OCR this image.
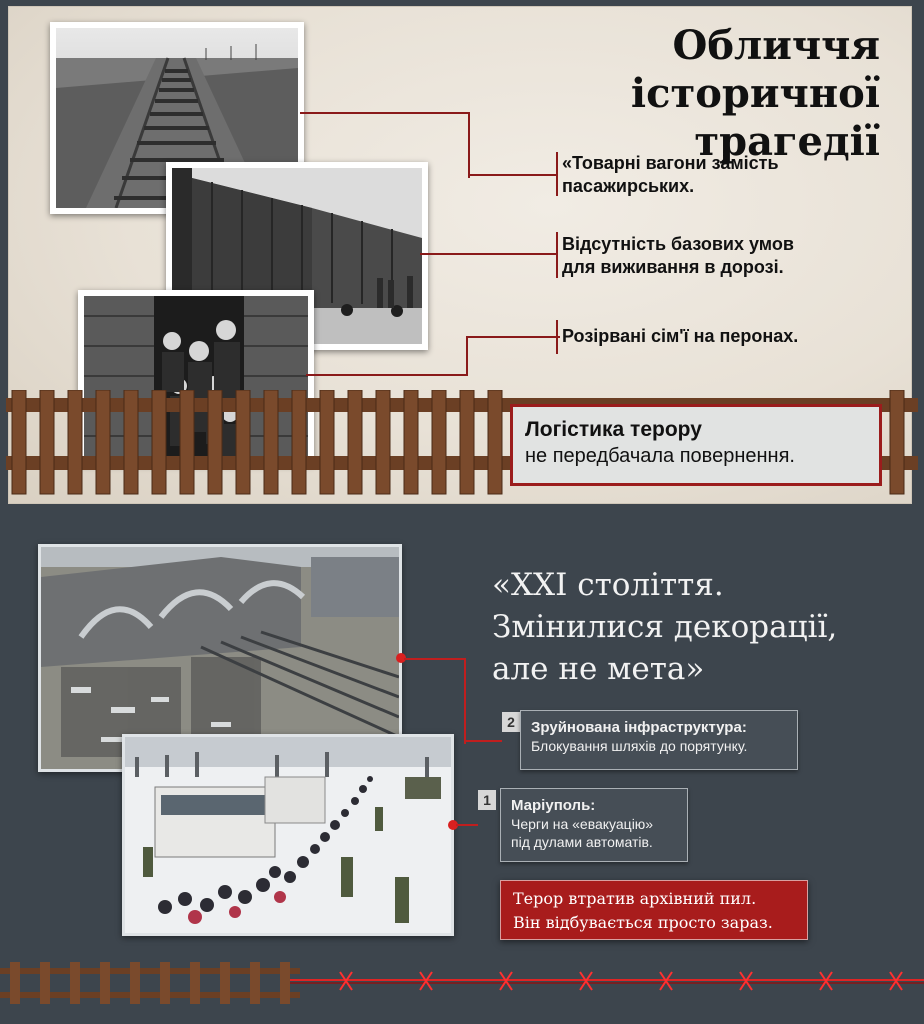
Обличчя історичної
трагедії
«Товарні вагони замість
пасажирських.
Відсутність базових умов
для виживання в дорозі.
Розірвані сім'ї на перонах.
Логістика терору
не передбачала повернення.
«XXI століття.
Змінилися декорації,
але не мета»
2	Зруйнована інфраструктура:
Блокування шляхів до порятунку.
1	Маріуполь:
Черги на «евакуацію»
під дулами автоматів.
Терор втратив архівний пил.
Він відбувається просто зараз.
